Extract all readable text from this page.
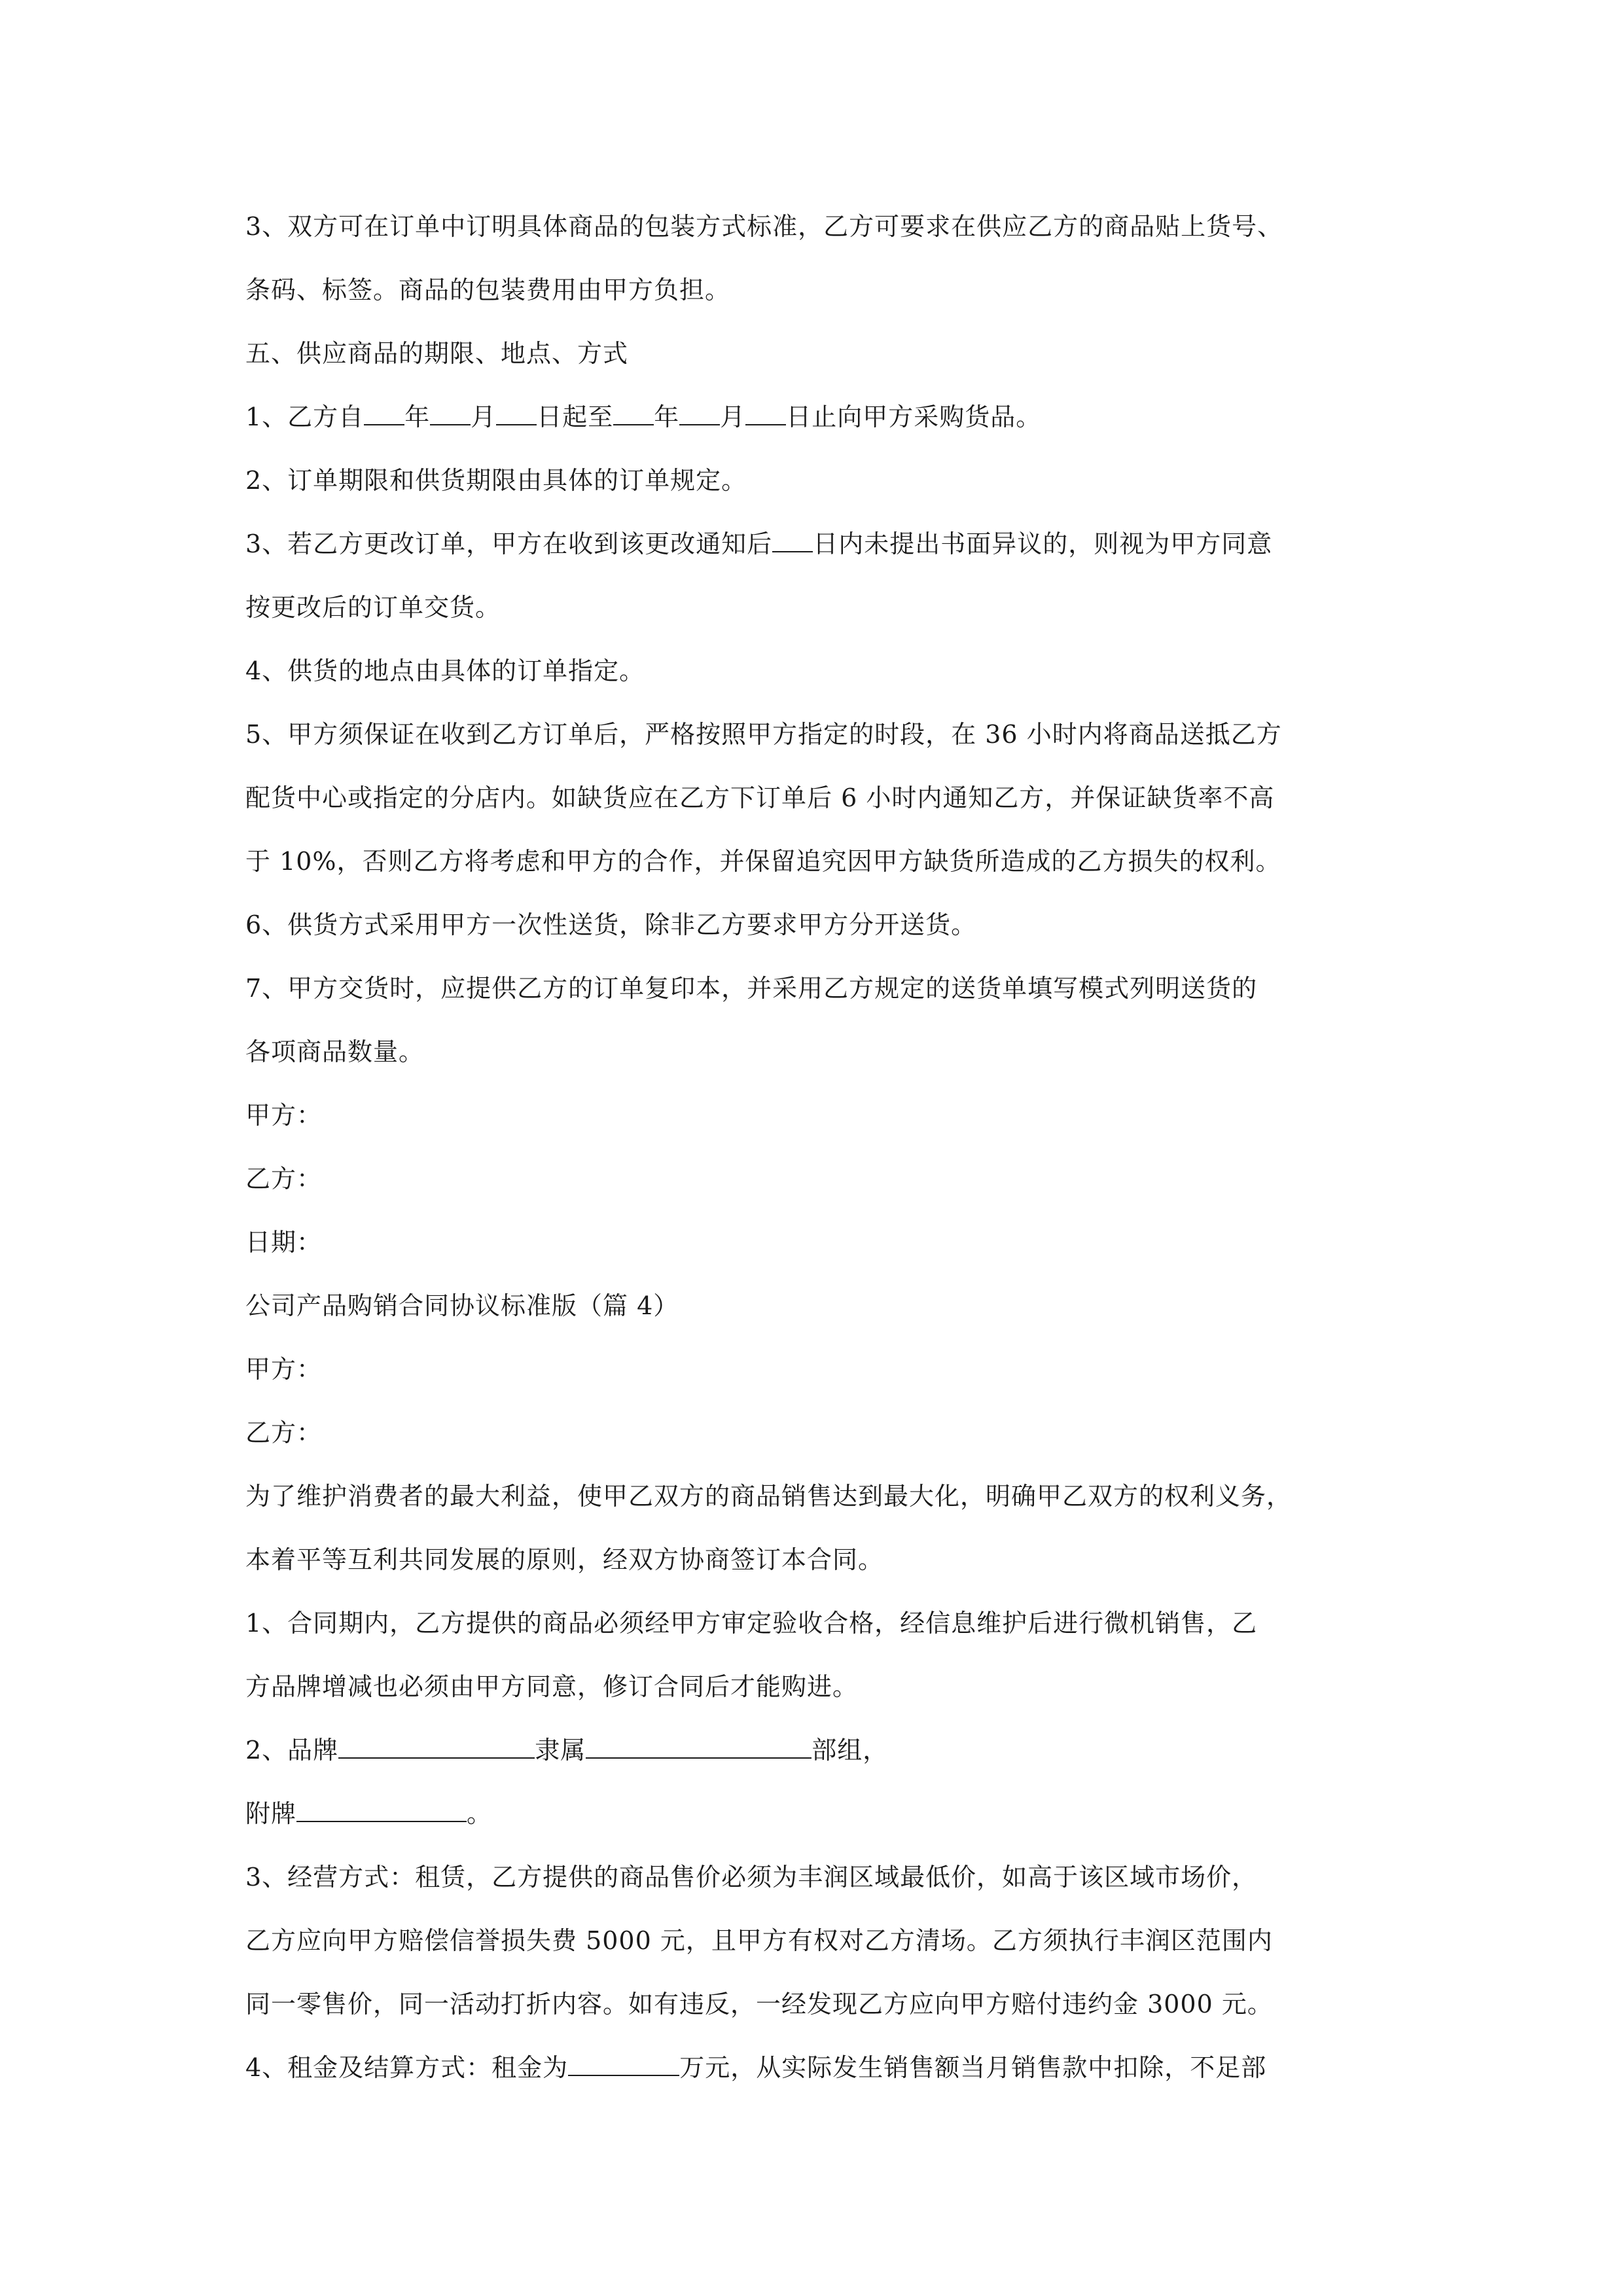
3、双方可在订单中订明具体商品的包装方式标准，乙方可要求在供应乙方的商品贴上货号、

条码、标签。商品的包装费用由甲方负担。

五、供应商品的期限、地点、方式

1、乙方自 年 月 日起至 年 月 日止向甲方采购货品。

2、订单期限和供货期限由具体的订单规定。

3、若乙方更改订单，甲方在收到该更改通知后 日内未提出书面异议的，则视为甲方同意

按更改后的订单交货。

4、供货的地点由具体的订单指定。

5、甲方须保证在收到乙方订单后，严格按照甲方指定的时段，在 36 小时内将商品送抵乙方

配货中心或指定的分店内。如缺货应在乙方下订单后 6 小时内通知乙方，并保证缺货率不高

于 10%，否则乙方将考虑和甲方的合作，并保留追究因甲方缺货所造成的乙方损失的权利。

6、供货方式采用甲方一次性送货，除非乙方要求甲方分开送货。

7、甲方交货时，应提供乙方的订单复印本，并采用乙方规定的送货单填写模式列明送货的

各项商品数量。

甲方：

乙方：

日期：

公司产品购销合同协议标准版（篇 4）

甲方：

乙方：

为了维护消费者的最大利益，使甲乙双方的商品销售达到最大化，明确甲乙双方的权利义务，

本着平等互利共同发展的原则，经双方协商签订本合同。

1、合同期内，乙方提供的商品必须经甲方审定验收合格，经信息维护后进行微机销售，乙

方品牌增减也必须由甲方同意，修订合同后才能购进。

2、品牌	隶属	部组，

附牌	。

3、经营方式：租赁，乙方提供的商品售价必须为丰润区域最低价，如高于该区域市场价，

乙方应向甲方赔偿信誉损失费 5000 元，且甲方有权对乙方清场。乙方须执行丰润区范围内

同一零售价，同一活动打折内容。如有违反，一经发现乙方应向甲方赔付违约金 3000 元。

4、租金及结算方式：租金为	万元，从实际发生销售额当月销售款中扣除，不足部
